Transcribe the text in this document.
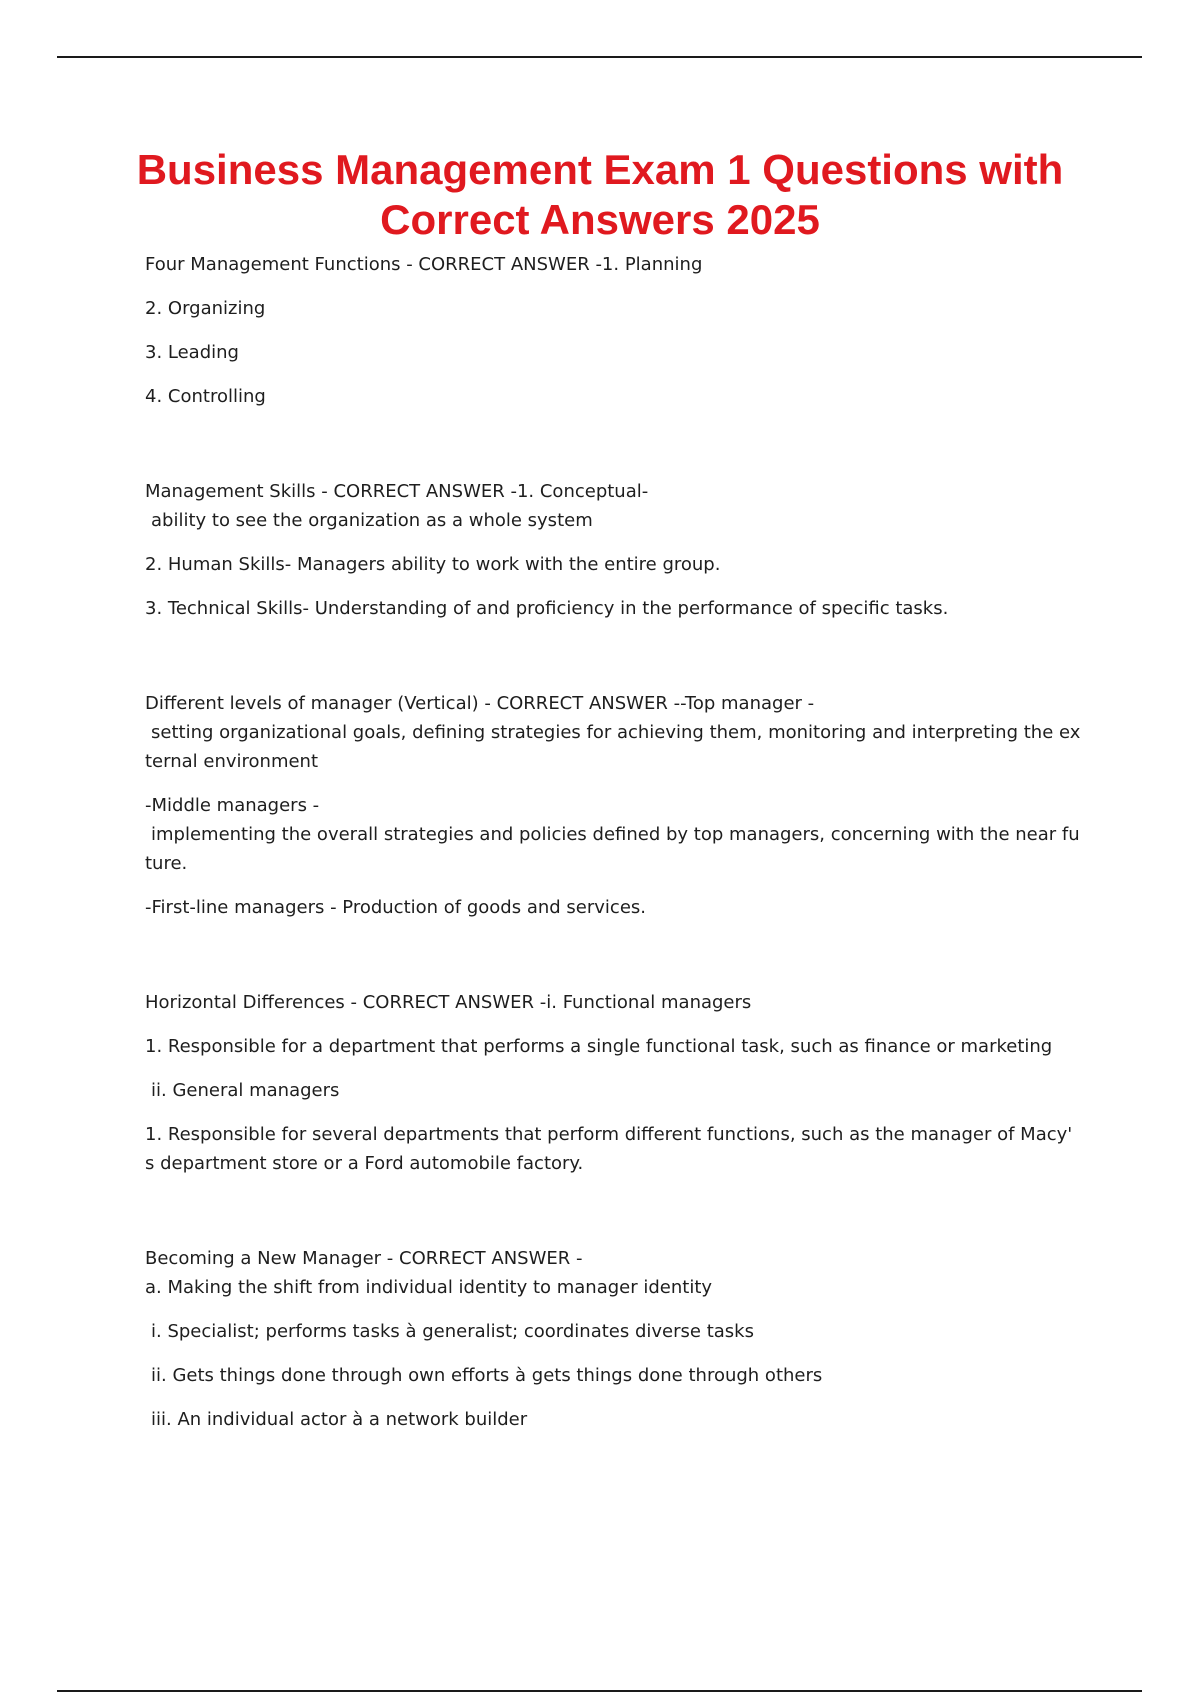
Business Management Exam 1 Questions with Correct Answers 2025

Four Management Functions - CORRECT ANSWER -1. Planning

2. Organizing

3. Leading

4. Controlling

Management Skills - CORRECT ANSWER -1. Conceptual-

ability to see the organization as a whole system

2. Human Skills- Managers ability to work with the entire group.

3. Technical Skills- Understanding of and proficiency in the performance of specific tasks.

Different levels of manager (Vertical) - CORRECT ANSWER --Top manager -

setting organizational goals, defining strategies for achieving them, monitoring and interpreting the ex

ternal environment

-Middle managers -

implementing the overall strategies and policies defined by top managers, concerning with the near fu

ture.

-First-line managers - Production of goods and services.

Horizontal Differences - CORRECT ANSWER -i. Functional managers

1. Responsible for a department that performs a single functional task, such as finance or marketing

ii. General managers

1. Responsible for several departments that perform different functions, such as the manager of Macy'

s department store or a Ford automobile factory.

Becoming a New Manager - CORRECT ANSWER -

a. Making the shift from individual identity to manager identity

i. Specialist; performs tasks à generalist; coordinates diverse tasks

ii. Gets things done through own efforts à gets things done through others

iii. An individual actor à a network builder
